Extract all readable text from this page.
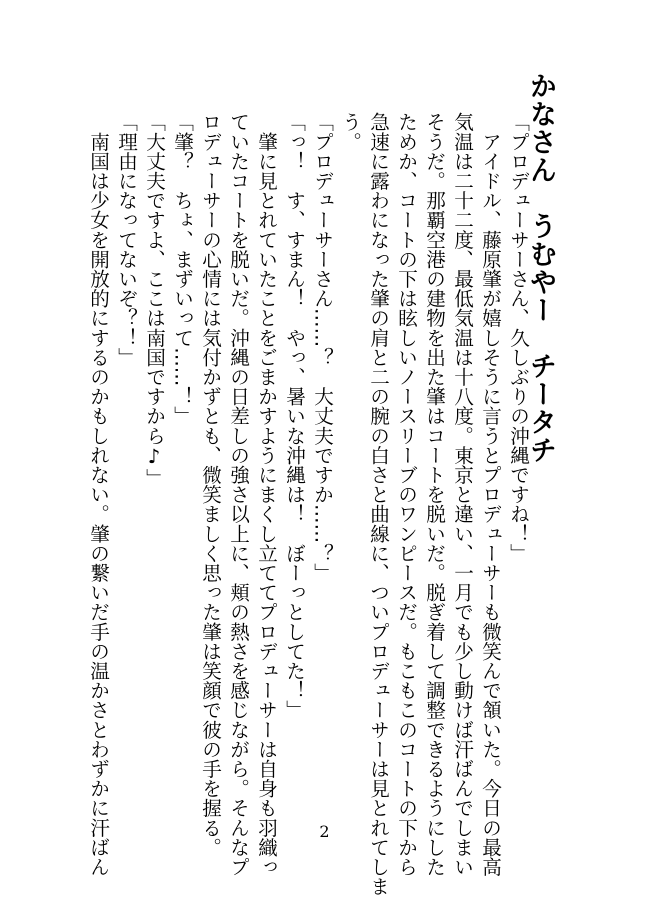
かなさん　うむやー　チータチ
「プロデューサーさん、久しぶりの沖縄ですね！」
　アイドル、藤原肇が嬉しそうに言うとプロデューサーも微笑んで頷いた。今日の最高
気温は二十二度、最低気温は十八度。東京と違い、一月でも少し動けば汗ばんでしまい
そうだ。那覇空港の建物を出た肇はコートを脱いだ。脱ぎ着して調整できるようにした
ためか、コートの下は眩しいノースリーブのワンピースだ。もこもこのコートの下から
急速に露わになった肇の肩と二の腕の白さと曲線に、ついプロデューサーは見とれてしま
う。
「プロデューサーさん……？　大丈夫ですか……？」
「っ！　す、すまん！　やっ、暑いな沖縄は！　ぼーっとしてた！」
　肇に見とれていたことをごまかすようにまくし立ててプロデューサーは自身も羽織っ
ていたコートを脱いだ。沖縄の日差しの強さ以上に、頬の熱さを感じながら。そんなプ
ロデューサーの心情には気付かずとも、微笑ましく思った肇は笑顔で彼の手を握る。
「肇？　ちょ、まずいって……！」
「大丈夫ですよ、ここは南国ですから♪」
「理由になってないぞ？！」
　南国は少女を開放的にするのかもしれない。肇の繋いだ手の温かさとわずかに汗ばん	2
